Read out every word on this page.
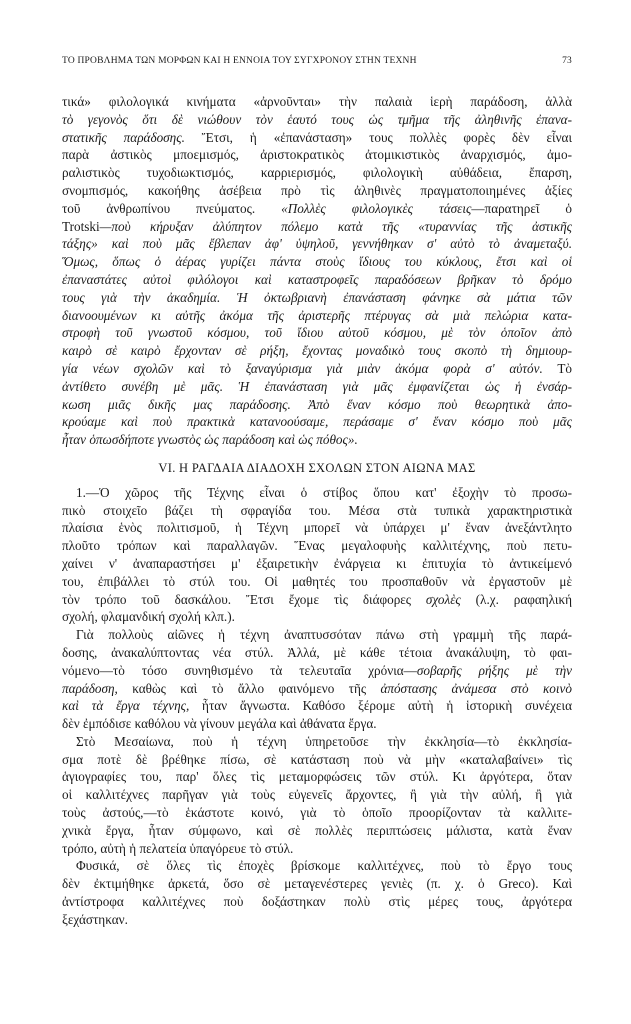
ΤΟ ΠΡΟΒΛΗΜΑ ΤΩΝ ΜΟΡΦΩΝ ΚΑΙ Η ΕΝΝΟΙΑ ΤΟΥ ΣΥΓΧΡΟΝΟΥ ΣΤΗΝ ΤΕΧΝΗ	73
τικά» φιλολογικά κινήματα «ἀρνοῦνται» τὴν παλαιὰ ἱερὴ παράδοση, ἀλλὰ
τὸ γεγονὸς ὅτι δὲ νιώθουν τὸν ἑαυτό τους ὡς τμῆμα τῆς ἀληθινῆς ἐπανα-
στατικῆς παράδοσης. Ἔτσι, ἡ «ἐπανάσταση» τους πολλὲς φορὲς δὲν εἶναι
παρὰ ἀστικὸς μποεμισμός, ἀριστοκρατικὸς ἀτομικιστικὸς ἀναρχισμός, ἀμο-
ραλιστικὸς τυχοδιωκτισμός, καρριερισμός, φιλολογικὴ αὐθάδεια, ἔπαρση,
σνομπισμός, κακοήθης ἀσέβεια πρὸ τὶς ἀληθινὲς πραγματοποιημένες ἀξίες
τοῦ ἀνθρωπίνου πνεύματος. «Πολλὲς φιλολογικὲς τάσεις—παρατηρεῖ ὁ
Trotski—ποὺ κήρυξαν ἀλύπητον πόλεμο κατὰ τῆς «τυραννίας τῆς ἀστικῆς
τάξης» καὶ ποὺ μᾶς ἔβλεπαν ἀφ' ὑψηλοῦ, γεννήθηκαν σ' αὐτὸ τὸ ἀναμεταξύ.
Ὅμως, ὅπως ὁ ἀέρας γυρίζει πάντα στοὺς ἴδιους του κύκλους, ἔτσι καὶ οἱ
ἐπαναστάτες αὐτοὶ φιλόλογοι καὶ καταστροφεῖς παραδόσεων βρῆκαν τὸ δρόμο
τους γιὰ τὴν ἀκαδημία. Ἡ ὀκτωβριανὴ ἐπανάσταση φάνηκε σὰ μάτια τῶν
διανοουμένων κι αὐτῆς ἀκόμα τῆς ἀριστερῆς πτέρυγας σὰ μιὰ πελώρια κατα-
στροφὴ τοῦ γνωστοῦ κόσμου, τοῦ ἴδιου αὐτοῦ κόσμου, μὲ τὸν ὁποῖον ἀπὸ
καιρὸ σὲ καιρὸ ἔρχονταν σὲ ρήξη, ἔχοντας μοναδικὸ τους σκοπὸ τὴ δημιουρ-
γία νέων σχολῶν καὶ τὸ ξαναγύρισμα γιὰ μιὰν ἀκόμα φορὰ σ' αὐτόν. Τὸ
ἀντίθετο συνέβη μὲ μᾶς. Ἡ ἐπανάσταση γιὰ μᾶς ἐμφανίζεται ὡς ἡ ἐνσάρ-
κωση μιᾶς δικῆς μας παράδοσης. Ἀπὸ ἕναν κόσμο ποὺ θεωρητικὰ ἀπο-
κρούαμε καὶ ποὺ πρακτικὰ κατανοούσαμε, περάσαμε σ' ἕναν κόσμο ποὺ μᾶς
ἦταν ὁπωσδήποτε γνωστὸς ὡς παράδοση καὶ ὡς πόθος».
VI. Η ΡΑΓΔΑΙΑ ΔΙΑΔΟΧΗ ΣΧΟΛΩΝ ΣΤΟΝ ΑΙΩΝΑ ΜΑΣ
1.—Ὁ χῶρος τῆς Τέχνης εἶναι ὁ στίβος ὅπου κατ' ἐξοχὴν τὸ προσω-
πικὸ στοιχεῖο βάζει τὴ σφραγίδα του. Μέσα στὰ τυπικὰ χαρακτηριστικὰ
πλαίσια ἑνὸς πολιτισμοῦ, ἡ Τέχνη μπορεῖ νὰ ὑπάρχει μ' ἕναν ἀνεξάντλητο
πλοῦτο τρόπων καὶ παραλλαγῶν. Ἕνας μεγαλοφυὴς καλλιτέχνης, ποὺ πετυ-
χαίνει ν' ἀναπαραστήσει μ' ἐξαιρετικὴν ἐνάργεια κι ἐπιτυχία τὸ ἀντικείμενό
του, ἐπιβάλλει τὸ στύλ του. Οἱ μαθητές του προσπαθοῦν νὰ ἐργαστοῦν μὲ
τὸν τρόπο τοῦ δασκάλου. Ἔτσι ἔχομε τὶς διάφορες σχολὲς (λ.χ. ραφαηλική
σχολή, φλαμανδική σχολή κλπ.).
Γιὰ πολλοὺς αἰῶνες ἡ τέχνη ἀναπτυσσόταν πάνω στὴ γραμμὴ τῆς παρά-
δοσης, ἀνακαλύπτοντας νέα στύλ. Ἀλλά, μὲ κάθε τέτοια ἀνακάλυψη, τὸ φαι-
νόμενο—τὸ τόσο συνηθισμένο τὰ τελευταῖα χρόνια—σοβαρῆς ρήξης μὲ τὴν
παράδοση, καθὼς καὶ τὸ ἄλλο φαινόμενο τῆς ἀπόστασης ἀνάμεσα στὸ κοινὸ
καὶ τὰ ἔργα τέχνης, ἦταν ἄγνωστα. Καθόσο ξέρομε αὐτὴ ἡ ἱστορικὴ συνέχεια
δὲν ἐμπόδισε καθόλου νὰ γίνουν μεγάλα καὶ ἀθάνατα ἔργα.
Στὸ Μεσαίωνα, ποὺ ἡ τέχνη ὑπηρετοῦσε τὴν ἐκκλησία—τὸ ἐκκλησία-
σμα ποτὲ δὲ βρέθηκε πίσω, σὲ κατάσταση ποὺ νὰ μὴν «καταλαβαίνει» τὶς
ἁγιογραφίες του, παρ' ὅλες τὶς μεταμορφώσεις τῶν στύλ. Κι ἀργότερα, ὅταν
οἱ καλλιτέχνες παρῆγαν γιὰ τοὺς εὐγενεῖς ἄρχοντες, ἢ γιὰ τὴν αὐλή, ἢ γιὰ
τοὺς ἀστούς,—τὸ ἑκάστοτε κοινό, γιὰ τὸ ὁποῖο προορίζονταν τὰ καλλιτε-
χνικὰ ἔργα, ἦταν σύμφωνο, καὶ σὲ πολλὲς περιπτώσεις μάλιστα, κατὰ ἕναν
τρόπο, αὐτὴ ἡ πελατεία ὑπαγόρευε τὸ στύλ.
Φυσικά, σὲ ὅλες τὶς ἐποχὲς βρίσκομε καλλιτέχνες, ποὺ τὸ ἔργο τους
δὲν ἐκτιμήθηκε ἀρκετά, ὅσο σὲ μεταγενέστερες γενιὲς (π. χ. ὁ Greco). Καὶ
ἀντίστροφα καλλιτέχνες ποὺ δοξάστηκαν πολὺ στὶς μέρες τους, ἀργότερα
ξεχάστηκαν.
